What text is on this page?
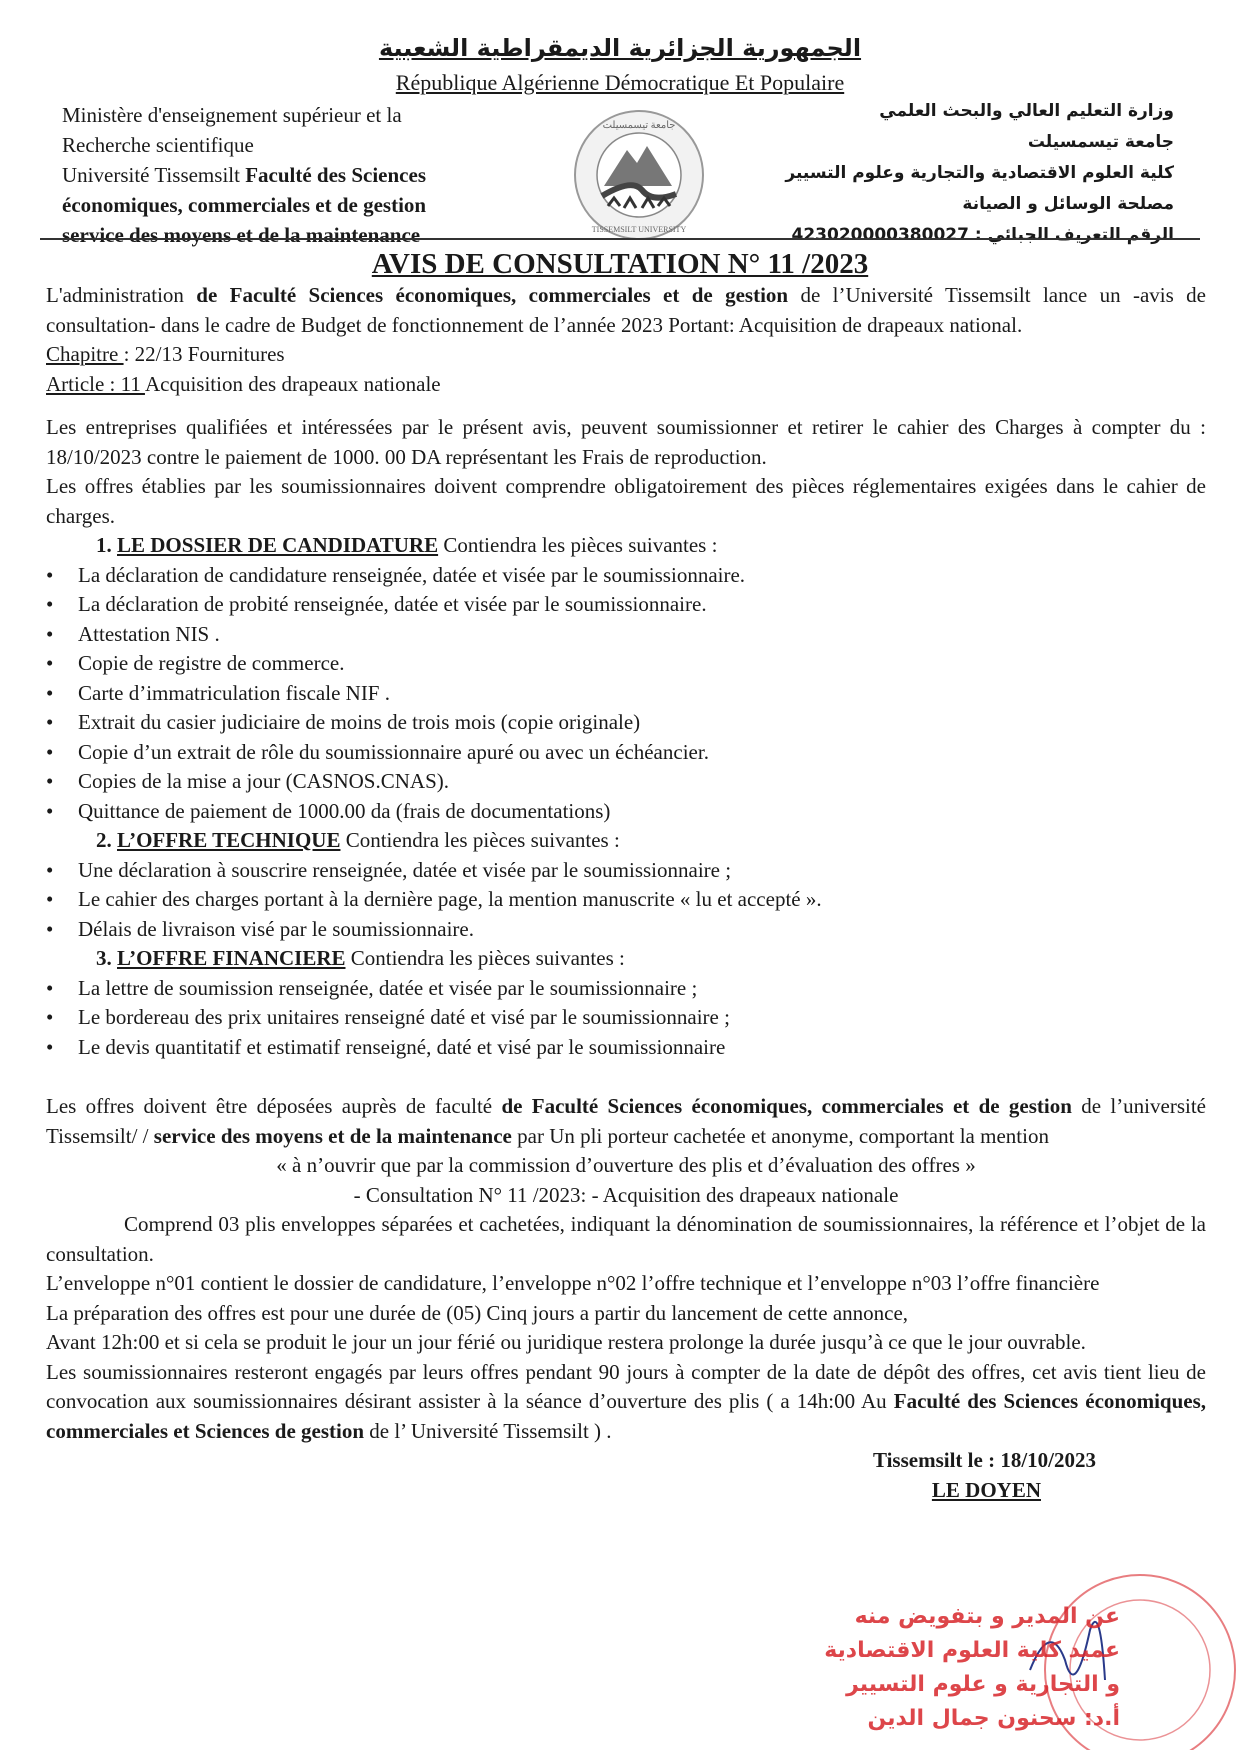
الجمهورية الجزائرية الديمقراطية الشعبية
République Algérienne Démocratique Et Populaire
Ministère d'enseignement supérieur et la
Recherche scientifique
Université Tissemsilt Faculté des Sciences
économiques, commerciales et de gestion
service des moyens et de la maintenance
جامعة تيسمسيلت
TISSEMSILT UNIVERSITY
وزارة التعليم العالي والبحث العلمي
جامعة تيسمسيلت
كلية العلوم الاقتصادية والتجارية وعلوم التسيير
مصلحة الوسائل و الصيانة
الرقم التعريف الجبائي : 423020000380027
AVIS DE CONSULTATION N° 11 /2023

L'administration de Faculté Sciences économiques, commerciales et de gestion de l’Université Tissemsilt lance un -avis de consultation- dans le cadre de Budget de fonctionnement de l’année 2023 Portant: Acquisition de drapeaux national.

Chapitre : 22/13 Fournitures

Article : 11 Acquisition des drapeaux nationale

Les entreprises qualifiées et intéressées par le présent avis, peuvent soumissionner et retirer le cahier des Charges à compter du : 18/10/2023 contre le paiement de 1000. 00 DA représentant les Frais de reproduction.

Les offres établies par les soumissionnaires doivent comprendre obligatoirement des pièces réglementaires exigées dans le cahier de charges.

1. LE DOSSIER DE CANDIDATURE Contiendra les pièces suivantes :

• La déclaration de candidature renseignée, datée et visée par le soumissionnaire.

• La déclaration de probité renseignée, datée et visée par le soumissionnaire.

• Attestation NIS .

• Copie de registre de commerce.

• Carte d’immatriculation fiscale NIF .

• Extrait du casier judiciaire de moins de trois mois (copie originale)

• Copie d’un extrait de rôle du soumissionnaire apuré ou avec un échéancier.

• Copies de la mise a jour (CASNOS.CNAS).

• Quittance de paiement de 1000.00 da (frais de documentations)

2. L’OFFRE TECHNIQUE Contiendra les pièces suivantes :

• Une déclaration à souscrire renseignée, datée et visée par le soumissionnaire ;

• Le cahier des charges portant à la dernière page, la mention manuscrite « lu et accepté ».

• Délais de livraison visé par le soumissionnaire.

3. L’OFFRE FINANCIERE Contiendra les pièces suivantes :

• La lettre de soumission renseignée, datée et visée par le soumissionnaire ;

• Le bordereau des prix unitaires renseigné daté et visé par le soumissionnaire ;

• Le devis quantitatif et estimatif renseigné, daté et visé par le soumissionnaire

Les offres doivent être déposées auprès de faculté de Faculté Sciences économiques, commerciales et de gestion de l’université Tissemsilt/ / service des moyens et de la maintenance par Un pli porteur cachetée et anonyme, comportant la mention

« à n’ouvrir que par la commission d’ouverture des plis et d’évaluation des offres »

- Consultation N° 11 /2023: - Acquisition des drapeaux nationale

Comprend 03 plis enveloppes séparées et cachetées, indiquant la dénomination de soumissionnaires, la référence et l’objet de la consultation.

L’enveloppe n°01 contient le dossier de candidature, l’enveloppe n°02 l’offre technique et l’enveloppe n°03 l’offre financière

La préparation des offres est pour une durée de (05) Cinq jours a partir du lancement de cette annonce,

Avant 12h:00 et si cela se produit le jour un jour férié ou juridique restera prolonge la durée jusqu’à ce que le jour ouvrable.

Les soumissionnaires resteront engagés par leurs offres pendant 90 jours à compter de la date de dépôt des offres, cet avis tient lieu de convocation aux soumissionnaires désirant assister à la séance d’ouverture des plis ( a 14h:00 Au Faculté des Sciences économiques, commerciales et Sciences de gestion de l’ Université Tissemsilt ) .

Tissemsilt le : 18/10/2023

LE DOYEN

عن المدير و بتفويض منه
عميد كلية العلوم الاقتصادية
و التجارية و علوم التسيير
أ.د: سحنون جمال الدين
